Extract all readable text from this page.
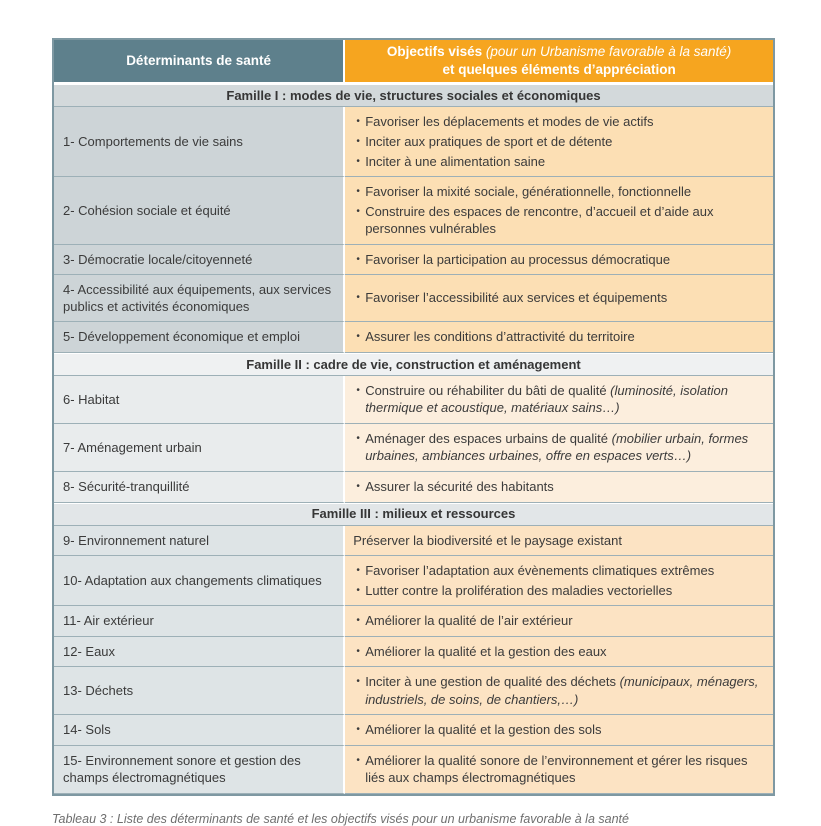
Déterminants de santé	Objectifs visés (pour un Urbanisme favorable à la santé)
et quelques éléments d’appréciation
Famille I : modes de vie, structures sociales et économiques	
1- Comportements de vie sains	
• Favoriser les déplacements et modes de vie actifs
• Inciter aux pratiques de sport et de détente
• Inciter à une alimentation saine

2- Cohésion sociale et équité	• Favoriser la mixité sociale, générationnelle, fonctionnelle
• Construire des espaces de rencontre, d’accueil et d’aide aux personnes vulnérables

3- Démocratie locale/citoyenneté	• Favoriser la participation au processus démocratique

4- Accessibilité aux équipements, aux services publics et activités économiques	• Favoriser l’accessibilité aux services et équipements

5- Développement économique et emploi	• Assurer les conditions d’attractivité du territoire

Famille II : cadre de vie, construction et aménagement	
6- Habitat	• Construire ou réhabiliter du bâti de qualité (luminosité, isolation thermique et acoustique, matériaux sains…)

7- Aménagement urbain	• Aménager des espaces urbains de qualité (mobilier urbain, formes urbaines, ambiances urbaines, offre en espaces verts…)

8- Sécurité-tranquillité	• Assurer la sécurité des habitants

Famille III : milieux et ressources	
9- Environnement naturel	Préserver la biodiversité et le paysage existant

10- Adaptation aux changements climatiques	• Favoriser l’adaptation aux évènements climatiques extrêmes
• Lutter contre la prolifération des maladies vectorielles

11- Air extérieur	• Améliorer la qualité de l’air extérieur

12- Eaux	• Améliorer la qualité et la gestion des eaux

13- Déchets	• Inciter à une gestion de qualité des déchets (municipaux, ménagers, industriels, de soins, de chantiers,…)

14- Sols	• Améliorer la qualité et la gestion des sols

15- Environnement sonore et gestion des champs électromagnétiques	• Améliorer la qualité sonore de l’environnement et gérer les risques liés aux champs électromagnétiques
Tableau 3 : Liste des déterminants de santé et les objectifs visés pour un urbanisme favorable à la santé
